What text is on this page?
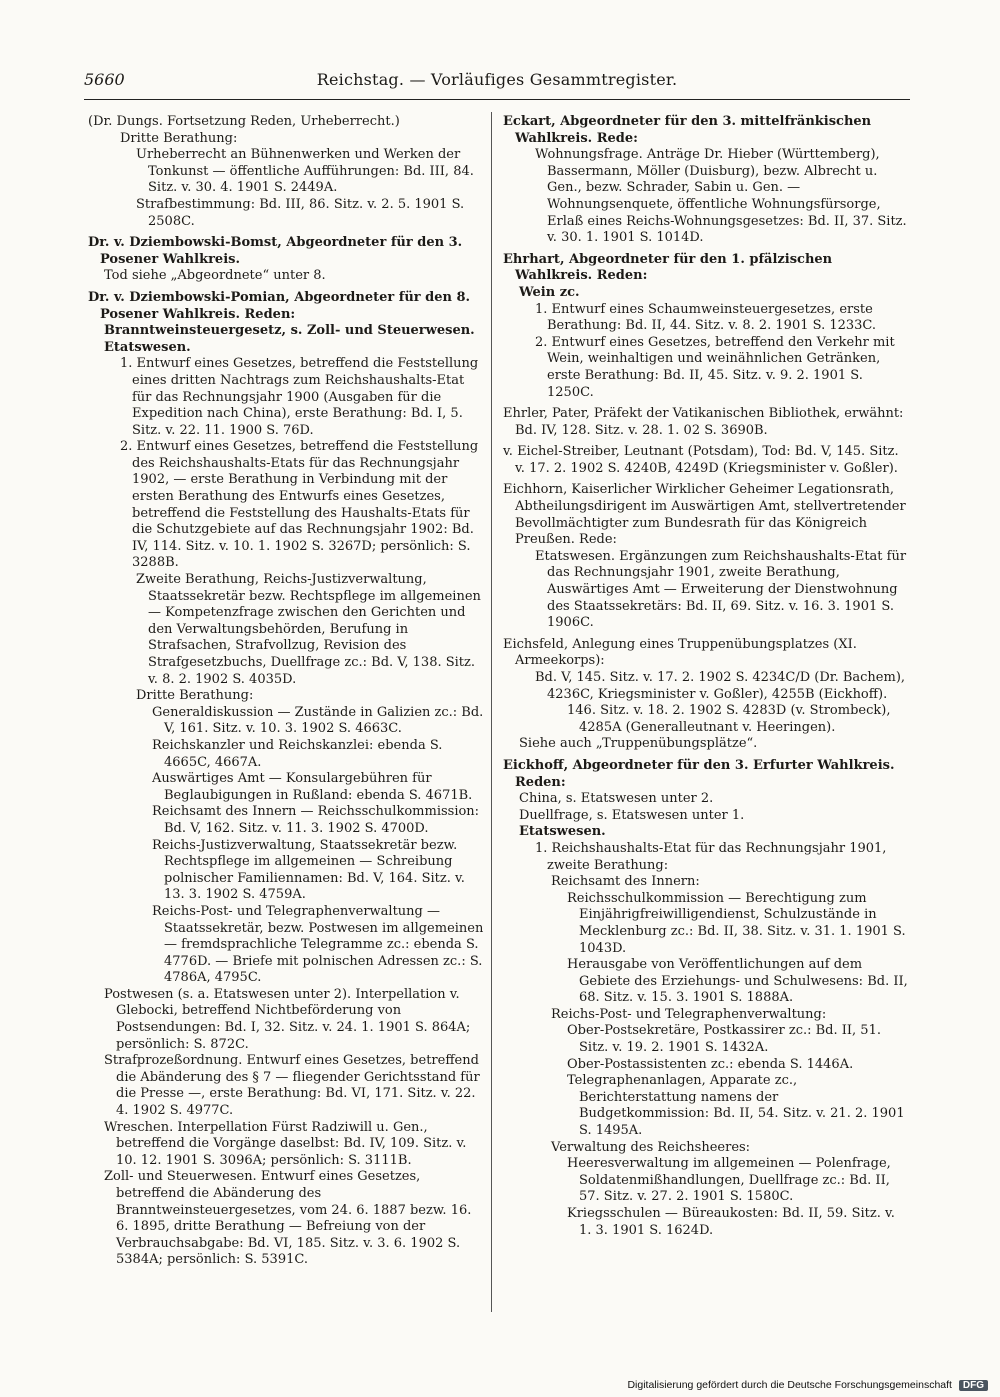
5660	Reichstag. — Vorläufiges Gesammtregister.

(Dr. Dungs. Fortsetzung Reden, Urheberrecht.)

Dritte Berathung:

Urheberrecht an Bühnenwerken und Werken der Tonkunst — öffentliche Aufführungen: Bd. III, 84. Sitz. v. 30. 4. 1901 S. 2449A.

Strafbestimmung: Bd. III, 86. Sitz. v. 2. 5. 1901 S. 2508C.

Dr. v. Dziembowski-Bomst, Abgeordneter für den 3. Posener Wahlkreis.

Tod siehe „Abgeordnete“ unter 8.

Dr. v. Dziembowski-Pomian, Abgeordneter für den 8. Posener Wahlkreis. Reden:

Branntweinsteuergesetz, s. Zoll- und Steuerwesen.

Etatswesen.

1. Entwurf eines Gesetzes, betreffend die Feststellung eines dritten Nachtrags zum Reichshaushalts-Etat für das Rechnungsjahr 1900 (Ausgaben für die Expedition nach China), erste Berathung: Bd. I, 5. Sitz. v. 22. 11. 1900 S. 76D.

2. Entwurf eines Gesetzes, betreffend die Feststellung des Reichshaushalts-Etats für das Rechnungsjahr 1902, — erste Berathung in Verbindung mit der ersten Berathung des Entwurfs eines Gesetzes, betreffend die Feststellung des Haushalts-Etats für die Schutzgebiete auf das Rechnungsjahr 1902: Bd. IV, 114. Sitz. v. 10. 1. 1902 S. 3267D; persönlich: S. 3288B.

Zweite Berathung, Reichs-Justizverwaltung, Staatssekretär bezw. Rechtspflege im allgemeinen — Kompetenzfrage zwischen den Gerichten und den Verwaltungsbehörden, Berufung in Strafsachen, Strafvollzug, Revision des Strafgesetzbuchs, Duellfrage zc.: Bd. V, 138. Sitz. v. 8. 2. 1902 S. 4035D.

Dritte Berathung:

Generaldiskussion — Zustände in Galizien zc.: Bd. V, 161. Sitz. v. 10. 3. 1902 S. 4663C.

Reichskanzler und Reichskanzlei: ebenda S. 4665C, 4667A.

Auswärtiges Amt — Konsulargebühren für Beglaubigungen in Rußland: ebenda S. 4671B.

Reichsamt des Innern — Reichsschulkommission: Bd. V, 162. Sitz. v. 11. 3. 1902 S. 4700D.

Reichs-Justizverwaltung, Staatssekretär bezw. Rechtspflege im allgemeinen — Schreibung polnischer Familiennamen: Bd. V, 164. Sitz. v. 13. 3. 1902 S. 4759A.

Reichs-Post- und Telegraphenverwaltung — Staatssekretär, bezw. Postwesen im allgemeinen — fremdsprachliche Telegramme zc.: ebenda S. 4776D. — Briefe mit polnischen Adressen zc.: S. 4786A, 4795C.

Postwesen (s. a. Etatswesen unter 2). Interpellation v. Glebocki, betreffend Nichtbeförderung von Postsendungen: Bd. I, 32. Sitz. v. 24. 1. 1901 S. 864A; persönlich: S. 872C.

Strafprozeßordnung. Entwurf eines Gesetzes, betreffend die Abänderung des § 7 — fliegender Gerichtsstand für die Presse —, erste Berathung: Bd. VI, 171. Sitz. v. 22. 4. 1902 S. 4977C.

Wreschen. Interpellation Fürst Radziwill u. Gen., betreffend die Vorgänge daselbst: Bd. IV, 109. Sitz. v. 10. 12. 1901 S. 3096A; persönlich: S. 3111B.

Zoll- und Steuerwesen. Entwurf eines Gesetzes, betreffend die Abänderung des Branntweinsteuergesetzes, vom 24. 6. 1887 bezw. 16. 6. 1895, dritte Berathung — Befreiung von der Verbrauchsabgabe: Bd. VI, 185. Sitz. v. 3. 6. 1902 S. 5384A; persönlich: S. 5391C.

Eckart, Abgeordneter für den 3. mittelfränkischen Wahlkreis. Rede:

Wohnungsfrage. Anträge Dr. Hieber (Württemberg), Bassermann, Möller (Duisburg), bezw. Albrecht u. Gen., bezw. Schrader, Sabin u. Gen. — Wohnungsenquete, öffentliche Wohnungsfürsorge, Erlaß eines Reichs-Wohnungsgesetzes: Bd. II, 37. Sitz. v. 30. 1. 1901 S. 1014D.

Ehrhart, Abgeordneter für den 1. pfälzischen Wahlkreis. Reden:

Wein zc.

1. Entwurf eines Schaumweinsteuergesetzes, erste Berathung: Bd. II, 44. Sitz. v. 8. 2. 1901 S. 1233C.

2. Entwurf eines Gesetzes, betreffend den Verkehr mit Wein, weinhaltigen und weinähnlichen Getränken, erste Berathung: Bd. II, 45. Sitz. v. 9. 2. 1901 S. 1250C.

Ehrler, Pater, Präfekt der Vatikanischen Bibliothek, erwähnt: Bd. IV, 128. Sitz. v. 28. 1. 02 S. 3690B.

v. Eichel-Streiber, Leutnant (Potsdam), Tod: Bd. V, 145. Sitz. v. 17. 2. 1902 S. 4240B, 4249D (Kriegsminister v. Goßler).

Eichhorn, Kaiserlicher Wirklicher Geheimer Legationsrath, Abtheilungsdirigent im Auswärtigen Amt, stellvertretender Bevollmächtigter zum Bundesrath für das Königreich Preußen. Rede:

Etatswesen. Ergänzungen zum Reichshaushalts-Etat für das Rechnungsjahr 1901, zweite Berathung, Auswärtiges Amt — Erweiterung der Dienstwohnung des Staatssekretärs: Bd. II, 69. Sitz. v. 16. 3. 1901 S. 1906C.

Eichsfeld, Anlegung eines Truppenübungsplatzes (XI. Armeekorps):

Bd. V, 145. Sitz. v. 17. 2. 1902 S. 4234C/D (Dr. Bachem), 4236C, Kriegsminister v. Goßler), 4255B (Eickhoff).

146. Sitz. v. 18. 2. 1902 S. 4283D (v. Strombeck), 4285A (Generalleutnant v. Heeringen).

Siehe auch „Truppenübungsplätze“.

Eickhoff, Abgeordneter für den 3. Erfurter Wahlkreis. Reden:

China, s. Etatswesen unter 2.

Duellfrage, s. Etatswesen unter 1.

Etatswesen.

1. Reichshaushalts-Etat für das Rechnungsjahr 1901, zweite Berathung:

Reichsamt des Innern:

Reichsschulkommission — Berechtigung zum Einjährigfreiwilligendienst, Schulzustände in Mecklenburg zc.: Bd. II, 38. Sitz. v. 31. 1. 1901 S. 1043D.

Herausgabe von Veröffentlichungen auf dem Gebiete des Erziehungs- und Schulwesens: Bd. II, 68. Sitz. v. 15. 3. 1901 S. 1888A.

Reichs-Post- und Telegraphenverwaltung:

Ober-Postsekretäre, Postkassirer zc.: Bd. II, 51. Sitz. v. 19. 2. 1901 S. 1432A.

Ober-Postassistenten zc.: ebenda S. 1446A.

Telegraphenanlagen, Apparate zc., Berichterstattung namens der Budgetkommission: Bd. II, 54. Sitz. v. 21. 2. 1901 S. 1495A.

Verwaltung des Reichsheeres:

Heeresverwaltung im allgemeinen — Polenfrage, Soldatenmißhandlungen, Duellfrage zc.: Bd. II, 57. Sitz. v. 27. 2. 1901 S. 1580C.

Kriegsschulen — Büreaukosten: Bd. II, 59. Sitz. v. 1. 3. 1901 S. 1624D.

Digitalisierung gefördert durch die Deutsche Forschungsgemeinschaft DFG
